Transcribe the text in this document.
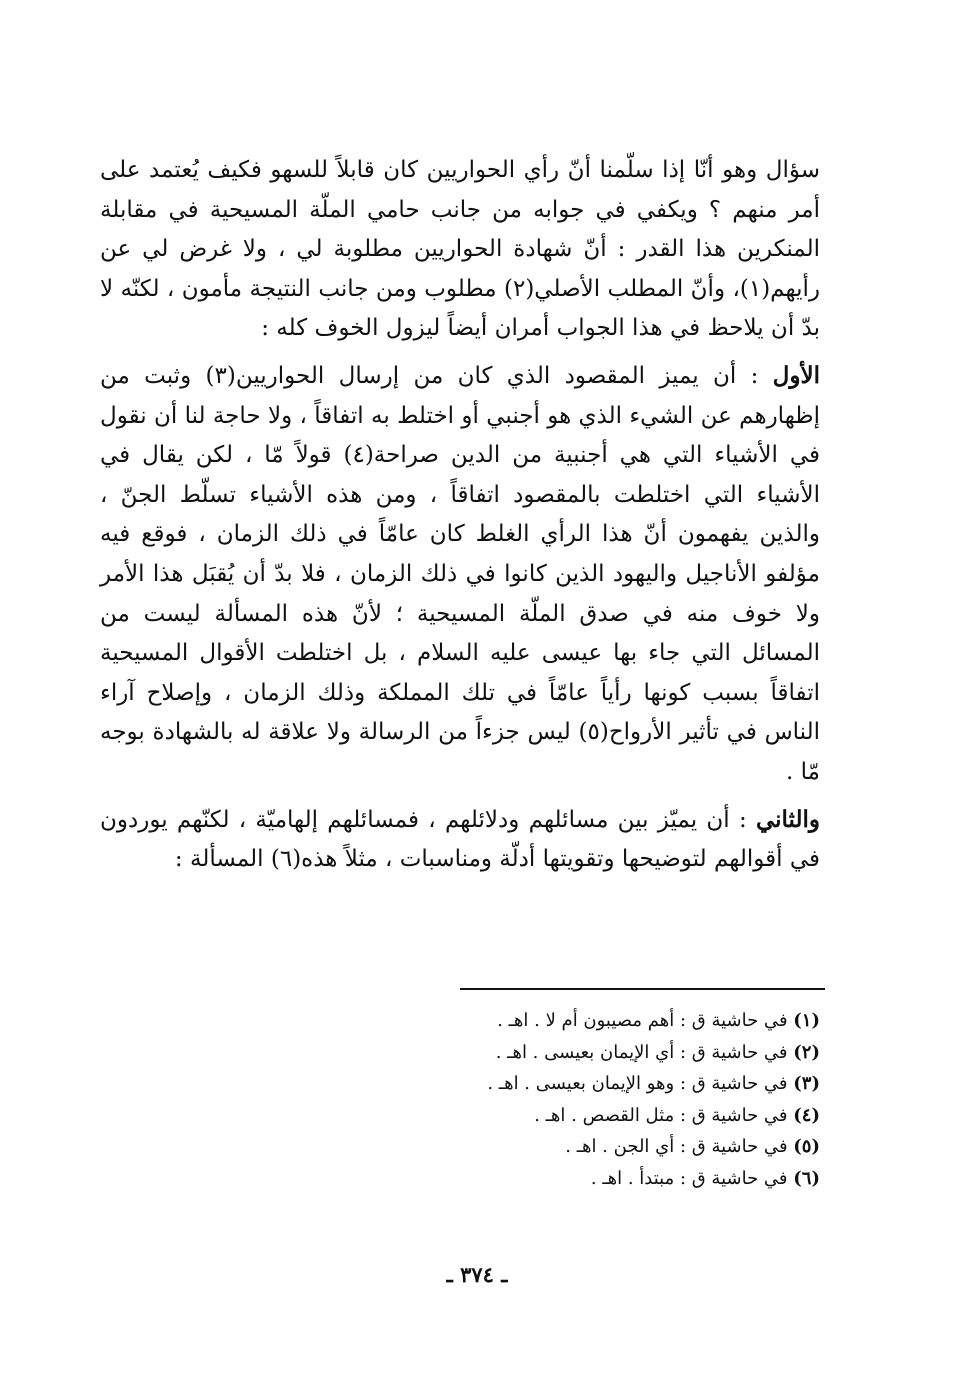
سؤال وهو أنّا إذا سلّمنا أنّ رأي الحواريين كان قابلاً للسهو فكيف يُعتمد على أمر منهم ؟ ويكفي في جوابه من جانب حامي الملّة المسيحية في مقابلة المنكرين هذا القدر : أنّ شهادة الحواريين مطلوبة لي ، ولا غرض لي عن رأيهم(١)، وأنّ المطلب الأصلي(٢) مطلوب ومن جانب النتيجة مأمون ، لكنّه لا بدّ أن يلاحظ في هذا الجواب أمران أيضاً ليزول الخوف كله :

الأول : أن يميز المقصود الذي كان من إرسال الحواريين(٣) وثبت من إظهارهم عن الشيء الذي هو أجنبي أو اختلط به اتفاقاً ، ولا حاجة لنا أن نقول في الأشياء التي هي أجنبية من الدين صراحة(٤) قولاً مّا ، لكن يقال في الأشياء التي اختلطت بالمقصود اتفاقاً ، ومن هذه الأشياء تسلّط الجنّ ، والذين يفهمون أنّ هذا الرأي الغلط كان عامّاً في ذلك الزمان ، فوقع فيه مؤلفو الأناجيل واليهود الذين كانوا في ذلك الزمان ، فلا بدّ أن يُقبَل هذا الأمر ولا خوف منه في صدق الملّة المسيحية ؛ لأنّ هذه المسألة ليست من المسائل التي جاء بها عيسى عليه السلام ، بل اختلطت الأقوال المسيحية اتفاقاً بسبب كونها رأياً عامّاً في تلك المملكة وذلك الزمان ، وإصلاح آراء الناس في تأثير الأرواح(٥) ليس جزءاً من الرسالة ولا علاقة له بالشهادة بوجه مّا .

والثاني : أن يميّز بين مسائلهم ودلائلهم ، فمسائلهم إلهاميّة ، لكنّهم يوردون في أقوالهم لتوضيحها وتقويتها أدلّة ومناسبات ، مثلاً هذه(٦) المسألة :

(١) في حاشية ق : أهم مصيبون أم لا . اهـ .
(٢) في حاشية ق : أي الإيمان بعيسى . اهـ .
(٣) في حاشية ق : وهو الإيمان بعيسى . اهـ .
(٤) في حاشية ق : مثل القصص . اهـ .
(٥) في حاشية ق : أي الجن . اهـ .
(٦) في حاشية ق : مبتدأ . اهـ .
ـ ٣٧٤ ـ
